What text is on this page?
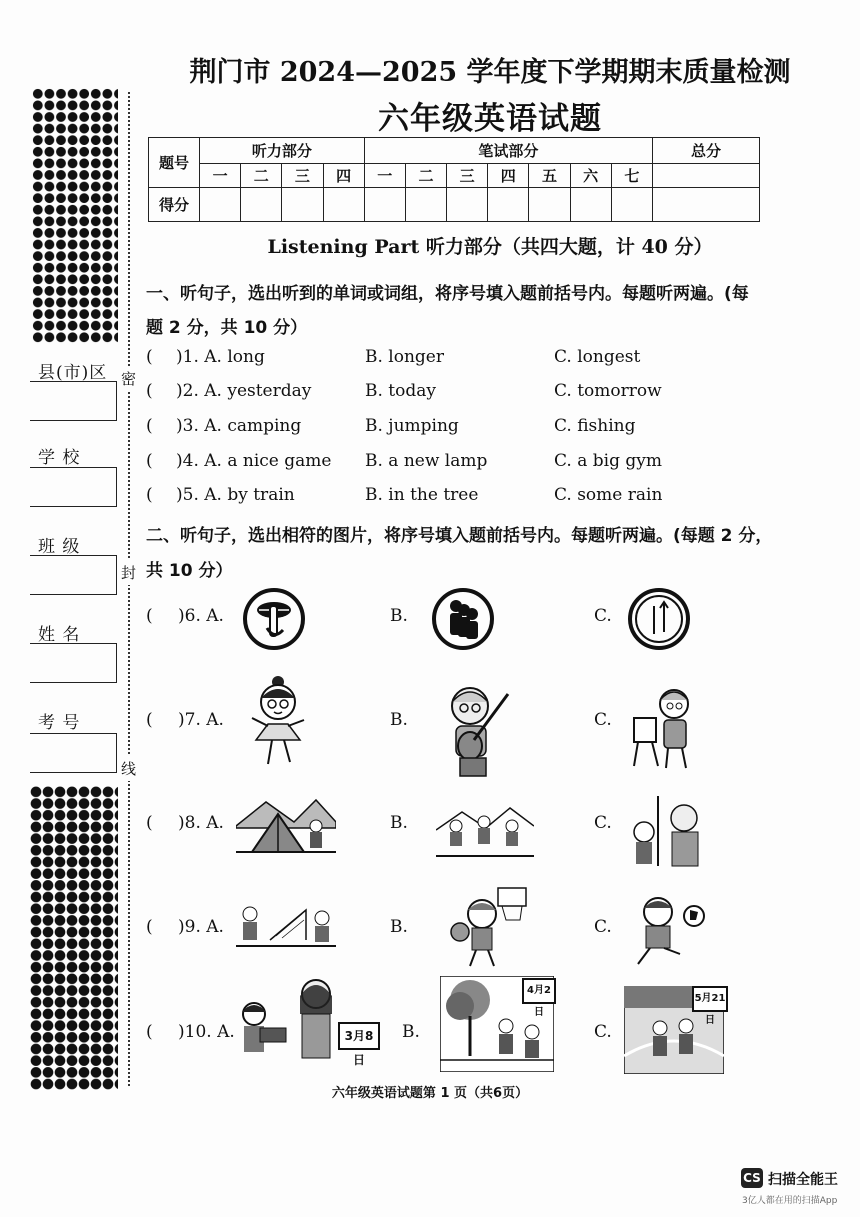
县(市)区
学 校
班 级
姓 名
考 号
密
封
线
荆门市 2024—2025 学年度下学期期末质量检测
六年级英语试题
题号	听力部分				笔试部分							总分
	一	二	三	四	一	二	三	四	五	六	七	
得分												
Listening Part 听力部分（共四大题，计 40 分）
一、听句子，选出听到的单词或词组，将序号填入题前括号内。每题听两遍。(每
题 2 分，共 10 分）
( )1. A. long	B. longer	C. longest
( )2. A. yesterday	B. today	C. tomorrow
( )3. A. camping	B. jumping	C. fishing
( )4. A. a nice game B. a new lamp	C. a big gym
( )5. A. by train	B. in the tree	C. some rain
二、听句子，选出相符的图片，将序号填入题前括号内。每题听两遍。(每题 2 分，
共 10 分）
( )6. A.	B.	C.
( )7. A.	B.	C.
( )8. A.	B.	C.
( )9. A.	B.	C.
( )10. A.	B.	C.
3月8日
4月2日
5月21日
六年级英语试题第 1 页（共6页）
CS 扫描全能王
3亿人都在用的扫描App
